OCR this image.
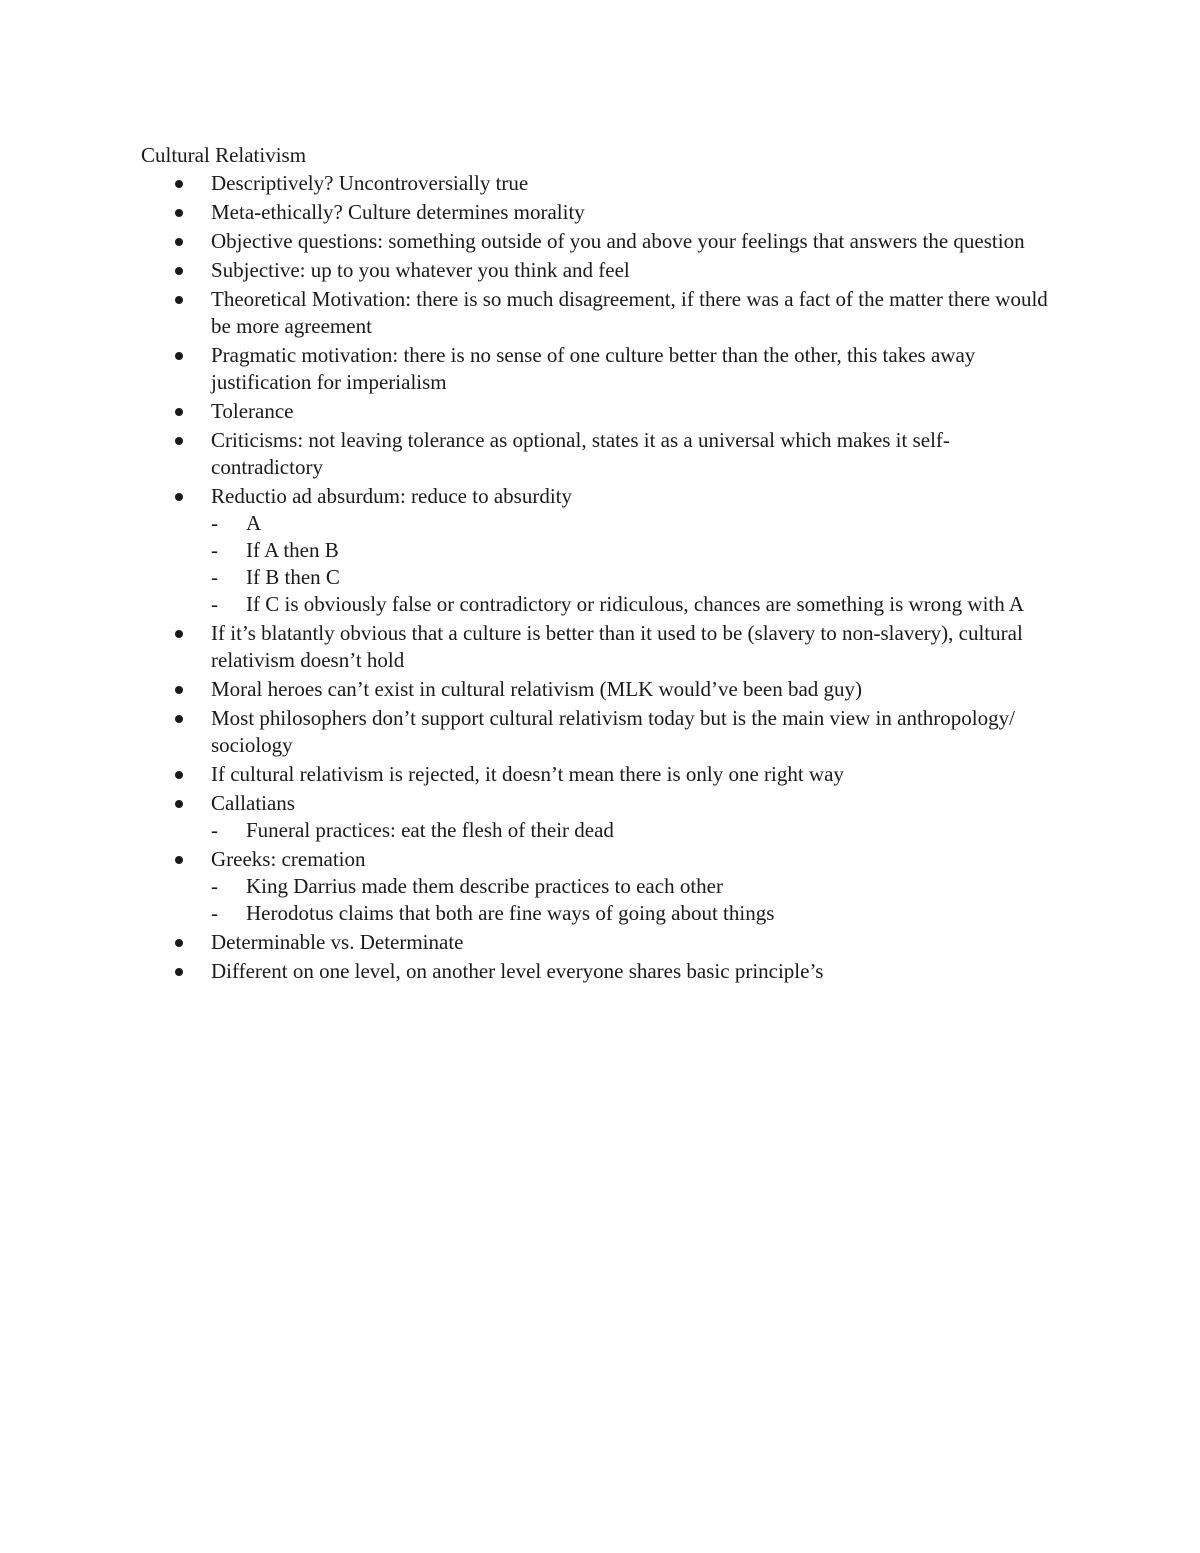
Cultural Relativism
Descriptively? Uncontroversially true
Meta-ethically? Culture determines morality
Objective questions: something outside of you and above your feelings that answers the question
Subjective: up to you whatever you think and feel
Theoretical Motivation: there is so much disagreement, if there was a fact of the matter there would be more agreement
Pragmatic motivation: there is no sense of one culture better than the other, this takes away justification for imperialism
Tolerance
Criticisms: not leaving tolerance as optional, states it as a universal which makes it self-contradictory
Reductio ad absurdum: reduce to absurdity
- A
- If A then B
- If B then C
- If C is obviously false or contradictory or ridiculous, chances are something is wrong with A
If it’s blatantly obvious that a culture is better than it used to be (slavery to non-slavery), cultural relativism doesn’t hold
Moral heroes can’t exist in cultural relativism (MLK would’ve been bad guy)
Most philosophers don’t support cultural relativism today but is the main view in anthropology/ sociology
If cultural relativism is rejected, it doesn’t mean there is only one right way
Callatians
- Funeral practices: eat the flesh of their dead
Greeks: cremation
- King Darrius made them describe practices to each other
- Herodotus claims that both are fine ways of going about things
Determinable vs. Determinate
Different on one level, on another level everyone shares basic principle’s
